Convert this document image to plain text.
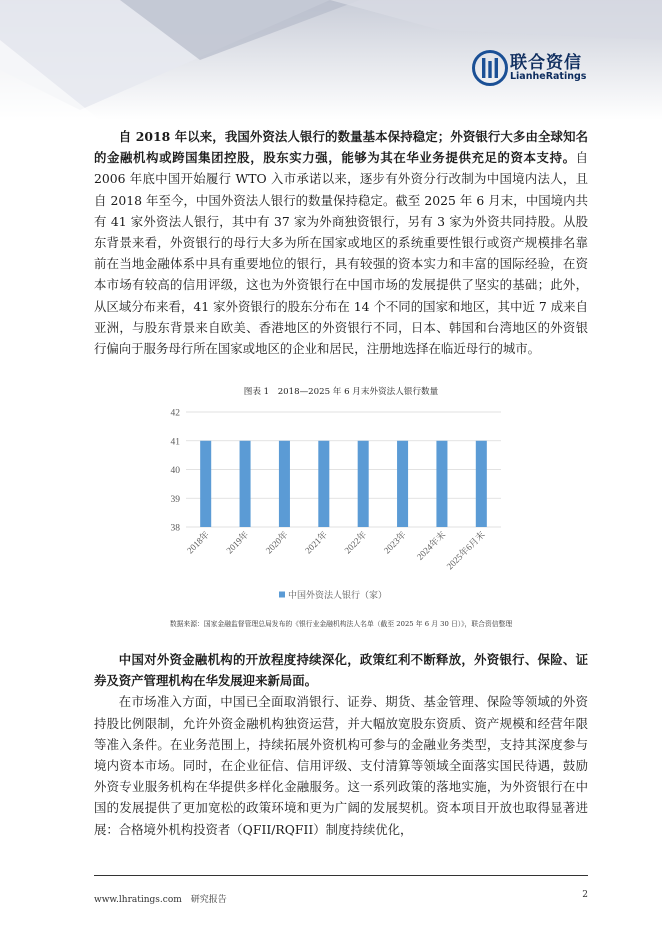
联合资信
LianheRatings

自 2018 年以来，我国外资法人银行的数量基本保持稳定；外资银行大多由全球知名的金融机构或跨国集团控股，股东实力强，能够为其在华业务提供充足的资本支持。自 2006 年底中国开始履行 WTO 入市承诺以来，逐步有外资分行改制为中国境内法人，且自 2018 年至今，中国外资法人银行的数量保持稳定。截至 2025 年 6 月末，中国境内共有 41 家外资法人银行，其中有 37 家为外商独资银行，另有 3 家为外资共同持股。从股东背景来看，外资银行的母行大多为所在国家或地区的系统重要性银行或资产规模排名靠前在当地金融体系中具有重要地位的银行，具有较强的资本实力和丰富的国际经验，在资本市场有较高的信用评级，这也为外资银行在中国市场的发展提供了坚实的基础；此外，从区域分布来看，41 家外资银行的股东分布在 14 个不同的国家和地区，其中近 7 成来自亚洲，与股东背景来自欧美、香港地区的外资银行不同，日本、韩国和台湾地区的外资银行偏向于服务母行所在国家或地区的企业和居民，注册地选择在临近母行的城市。

图表 1　2018—2025 年 6 月末外资法人银行数量
38
39
40
41
42
2018年 2019年 2020年 2021年 2022年 2023年 2024年末
2025年6月末
中国外资法人银行（家）
数据来源：国家金融监督管理总局发布的《银行业金融机构法人名单（截至 2025 年 6 月 30 日）》，联合资信整理

中国对外资金融机构的开放程度持续深化，政策红利不断释放，外资银行、保险、证券及资产管理机构在华发展迎来新局面。

在市场准入方面，中国已全面取消银行、证券、期货、基金管理、保险等领域的外资持股比例限制，允许外资金融机构独资运营，并大幅放宽股东资质、资产规模和经营年限等准入条件。在业务范围上，持续拓展外资机构可参与的金融业务类型，支持其深度参与境内资本市场。同时，在企业征信、信用评级、支付清算等领域全面落实国民待遇，鼓励外资专业服务机构在华提供多样化金融服务。这一系列政策的落地实施，为外资银行在中国的发展提供了更加宽松的政策环境和更为广阔的发展契机。资本项目开放也取得显著进展：合格境外机构投资者（QFII/RQFII）制度持续优化，

www.lhratings.com　 研究报告	2
